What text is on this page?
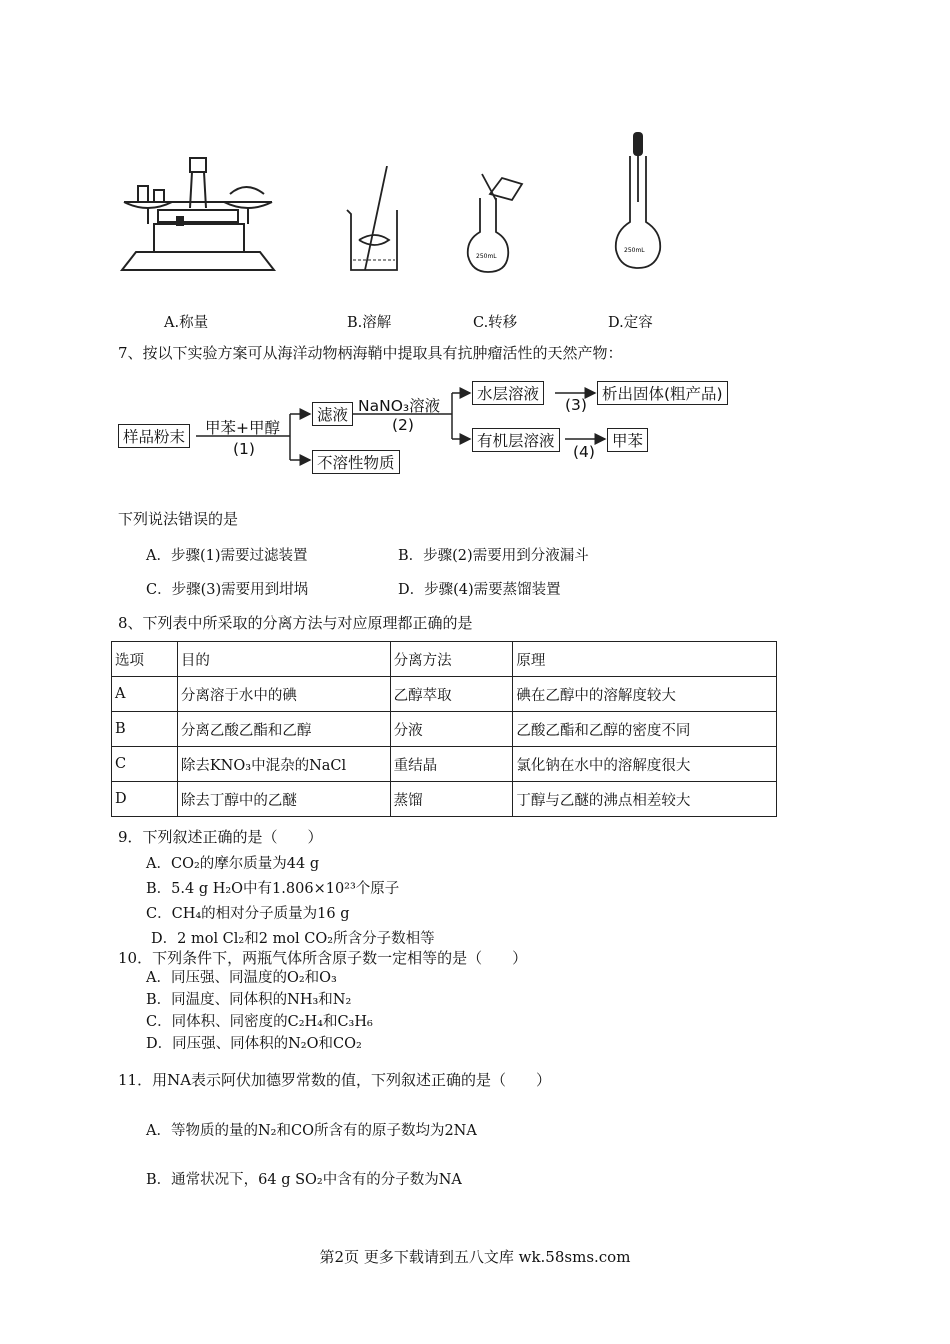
250mL
250mL
A.称量	B.溶解	C.转移	D.定容
7、按以下实验方案可从海洋动物柄海鞘中提取具有抗肿瘤活性的天然产物：
样品粉末	甲苯+甲醇
(1)
滤液
不溶性物质
NaNO₃溶液
(2)
水层溶液
(3)
析出固体(粗产品)
有机层溶液
(4)
甲苯
下列说法错误的是
A．步骤(1)需要过滤装置	B．步骤(2)需要用到分液漏斗
C．步骤(3)需要用到坩埚	D．步骤(4)需要蒸馏装置
8、下列表中所采取的分离方法与对应原理都正确的是
选项	目的	分离方法	原理
A	分离溶于水中的碘	乙醇萃取	碘在乙醇中的溶解度较大
B	分离乙酸乙酯和乙醇	分液	乙酸乙酯和乙醇的密度不同
C	除去KNO₃中混杂的NaCl	重结晶	氯化钠在水中的溶解度很大
D	除去丁醇中的乙醚	蒸馏	丁醇与乙醚的沸点相差较大
9．下列叙述正确的是（　　）
A．CO₂的摩尔质量为44 g
B．5.4 g H₂O中有1.806×10²³个原子
C．CH₄的相对分子质量为16 g
D．2 mol Cl₂和2 mol CO₂所含分子数相等
10．下列条件下，两瓶气体所含原子数一定相等的是（　　）
A．同压强、同温度的O₂和O₃
B．同温度、同体积的NH₃和N₂
C．同体积、同密度的C₂H₄和C₃H₆
D．同压强、同体积的N₂O和CO₂
11．用NA表示阿伏加德罗常数的值，下列叙述正确的是（　　）
A．等物质的量的N₂和CO所含有的原子数均为2NA
B．通常状况下，64 g SO₂中含有的分子数为NA
第2页 更多下载请到五八文库 wk.58sms.com
